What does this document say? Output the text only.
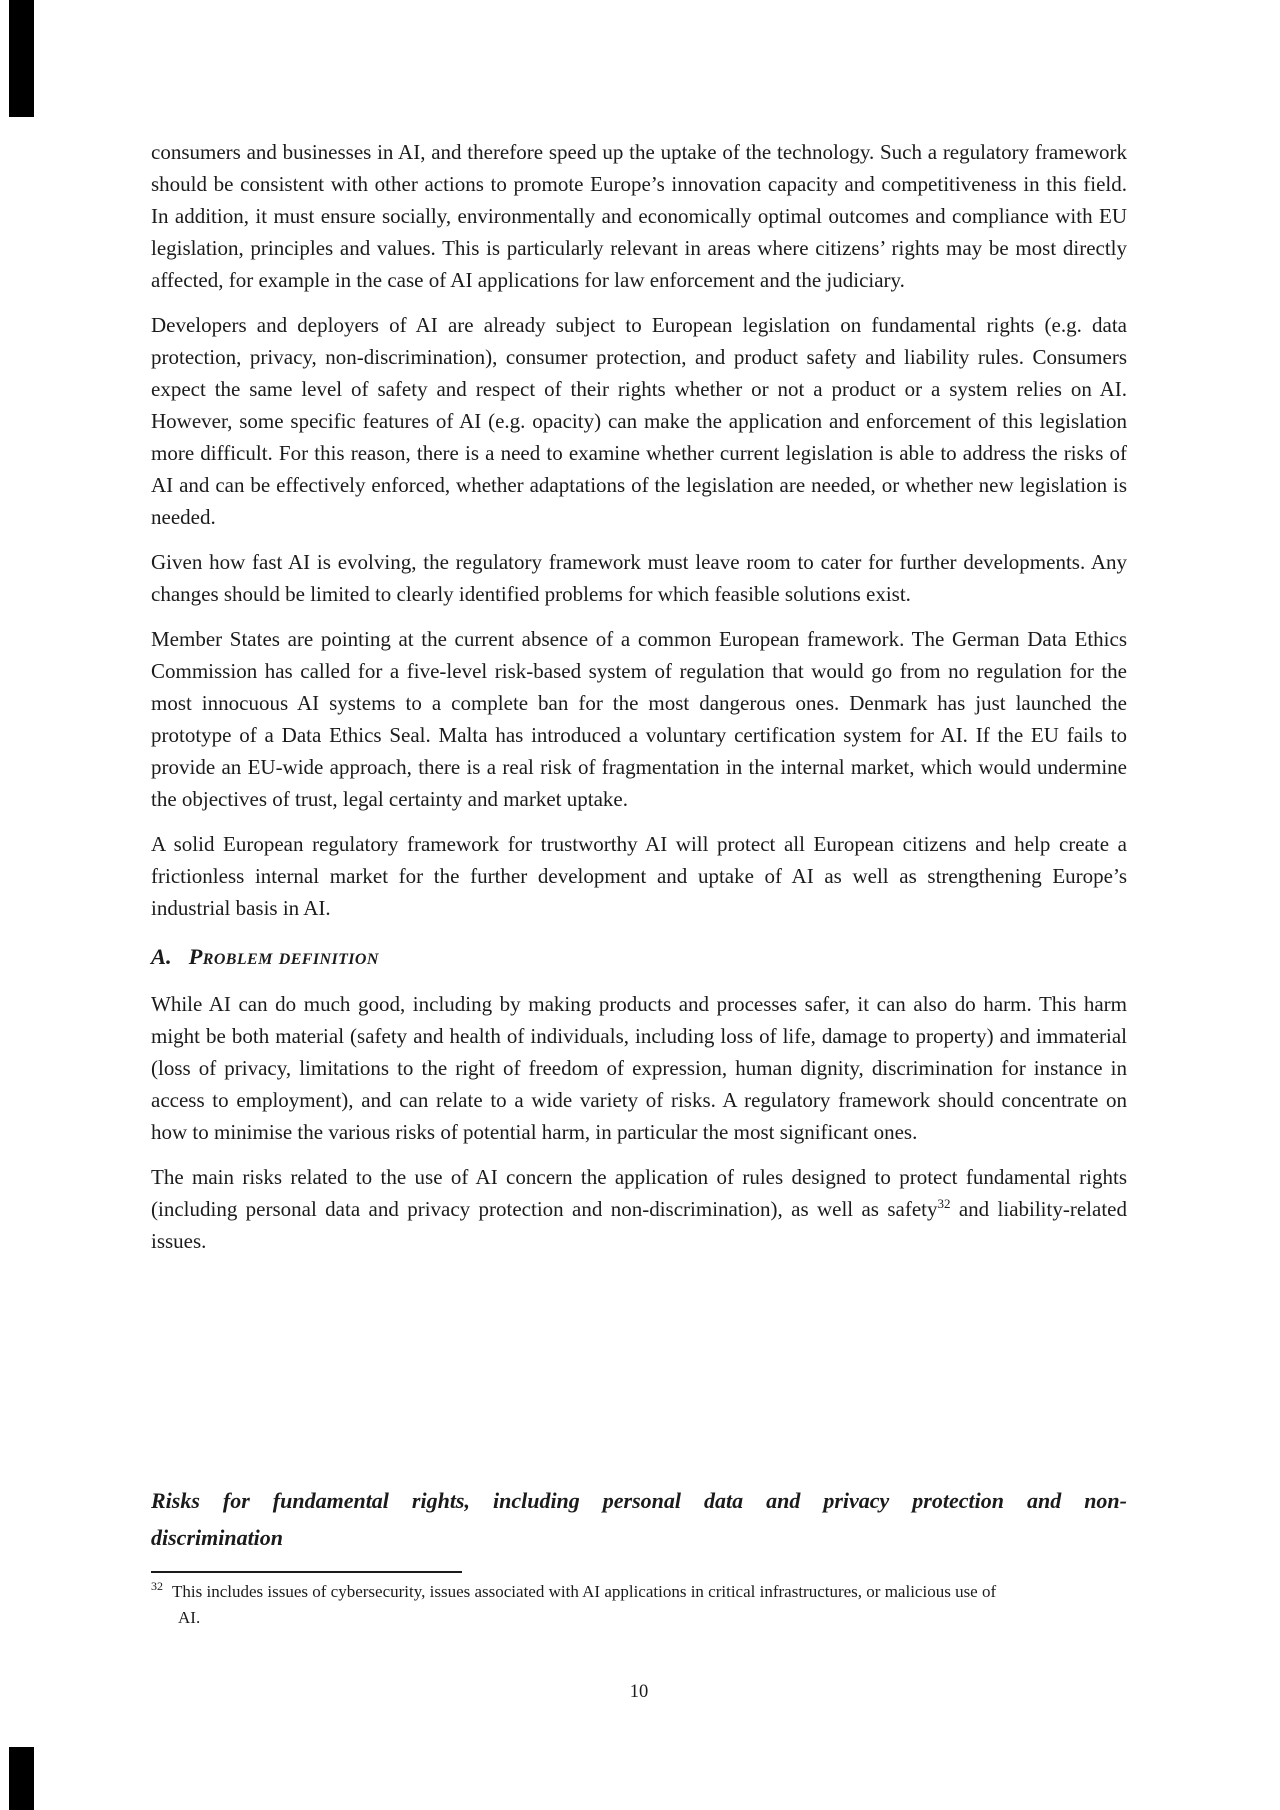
consumers and businesses in AI, and therefore speed up the uptake of the technology. Such a regulatory framework should be consistent with other actions to promote Europe’s innovation capacity and competitiveness in this field. In addition, it must ensure socially, environmentally and economically optimal outcomes and compliance with EU legislation, principles and values. This is particularly relevant in areas where citizens’ rights may be most directly affected, for example in the case of AI applications for law enforcement and the judiciary.

Developers and deployers of AI are already subject to European legislation on fundamental rights (e.g. data protection, privacy, non-discrimination), consumer protection, and product safety and liability rules. Consumers expect the same level of safety and respect of their rights whether or not a product or a system relies on AI. However, some specific features of AI (e.g. opacity) can make the application and enforcement of this legislation more difficult. For this reason, there is a need to examine whether current legislation is able to address the risks of AI and can be effectively enforced, whether adaptations of the legislation are needed, or whether new legislation is needed.

Given how fast AI is evolving, the regulatory framework must leave room to cater for further developments. Any changes should be limited to clearly identified problems for which feasible solutions exist.

Member States are pointing at the current absence of a common European framework. The German Data Ethics Commission has called for a five-level risk-based system of regulation that would go from no regulation for the most innocuous AI systems to a complete ban for the most dangerous ones. Denmark has just launched the prototype of a Data Ethics Seal. Malta has introduced a voluntary certification system for AI. If the EU fails to provide an EU-wide approach, there is a real risk of fragmentation in the internal market, which would undermine the objectives of trust, legal certainty and market uptake.

A solid European regulatory framework for trustworthy AI will protect all European citizens and help create a frictionless internal market for the further development and uptake of AI as well as strengthening Europe’s industrial basis in AI.

A. Problem definition

While AI can do much good, including by making products and processes safer, it can also do harm. This harm might be both material (safety and health of individuals, including loss of life, damage to property) and immaterial (loss of privacy, limitations to the right of freedom of expression, human dignity, discrimination for instance in access to employment), and can relate to a wide variety of risks. A regulatory framework should concentrate on how to minimise the various risks of potential harm, in particular the most significant ones.

The main risks related to the use of AI concern the application of rules designed to protect fundamental rights (including personal data and privacy protection and non-discrimination), as well as safety$^{32}$ and liability-related issues.

Risks for fundamental rights, including personal data and privacy protection and non-
discrimination
$^{32}$ This includes issues of cybersecurity, issues associated with AI applications in critical infrastructures, or malicious use of
AI.
10
